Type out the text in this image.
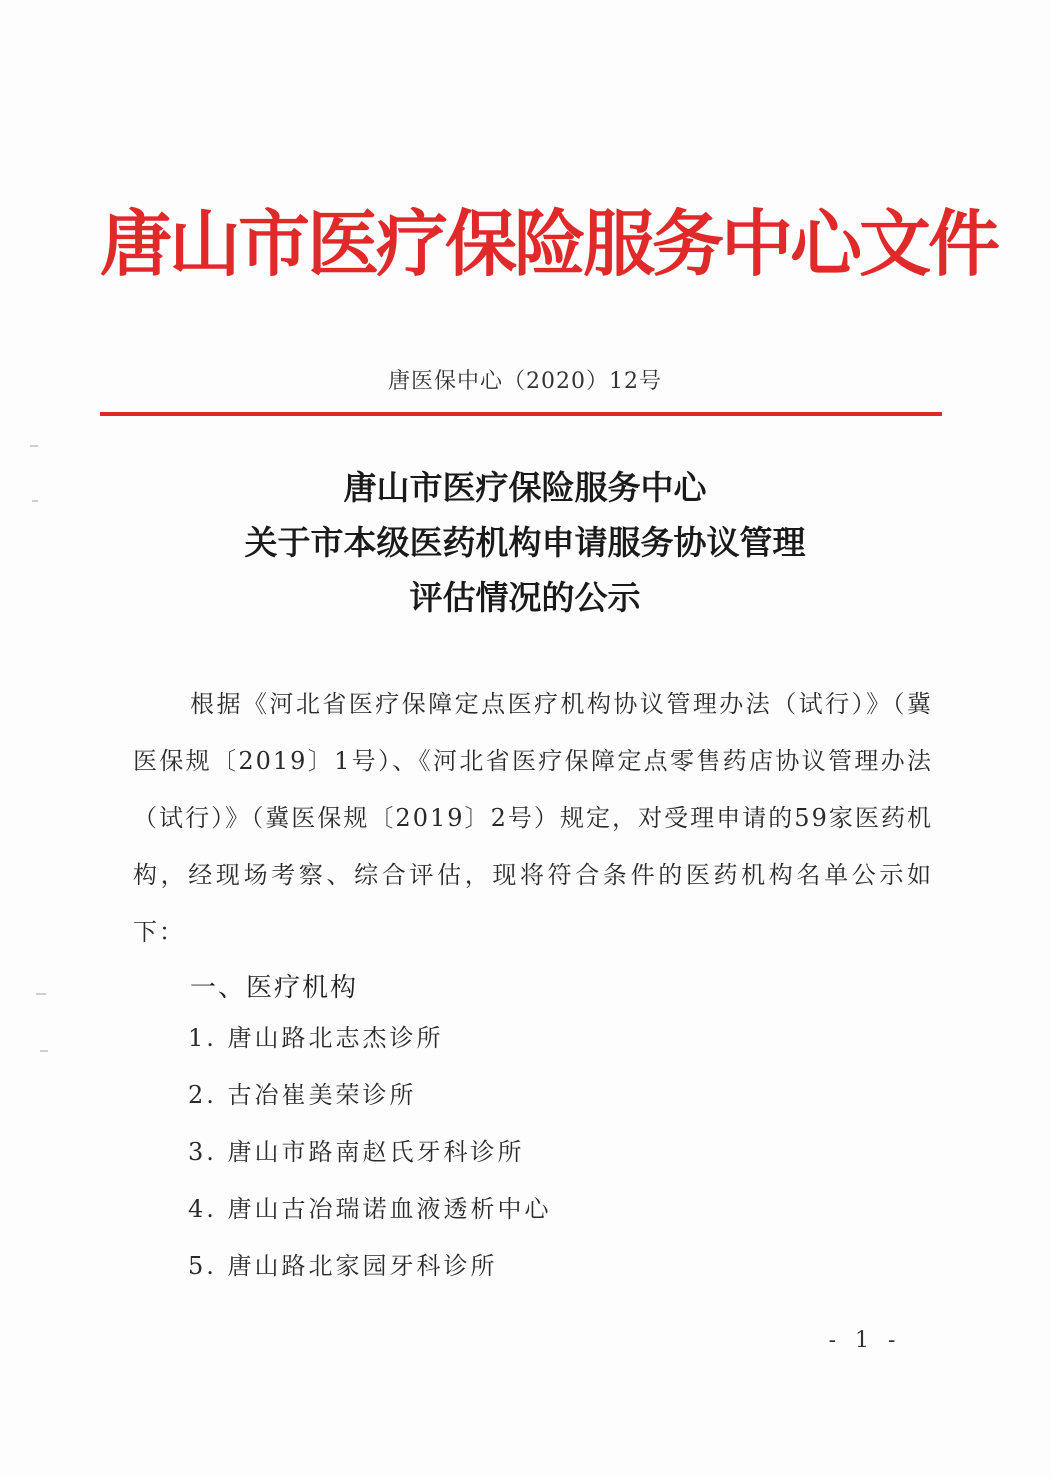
唐山市医疗保险服务中心文件
唐医保中心（2020）12号
唐山市医疗保险服务中心
关于市本级医药机构申请服务协议管理
评估情况的公示
根据《河北省医疗保障定点医疗机构协议管理办法（试行）》（冀医保规〔2019〕1号）、《河北省医疗保障定点零售药店协议管理办法（试行）》（冀医保规〔2019〕2号）规定，对受理申请的59家医药机构，经现场考察、综合评估，现将符合条件的医药机构名单公示如下：
一、医疗机构
1. 唐山路北志杰诊所
2. 古冶崔美荣诊所
3. 唐山市路南赵氏牙科诊所
4. 唐山古冶瑞诺血液透析中心
5. 唐山路北家园牙科诊所
- 1 -
